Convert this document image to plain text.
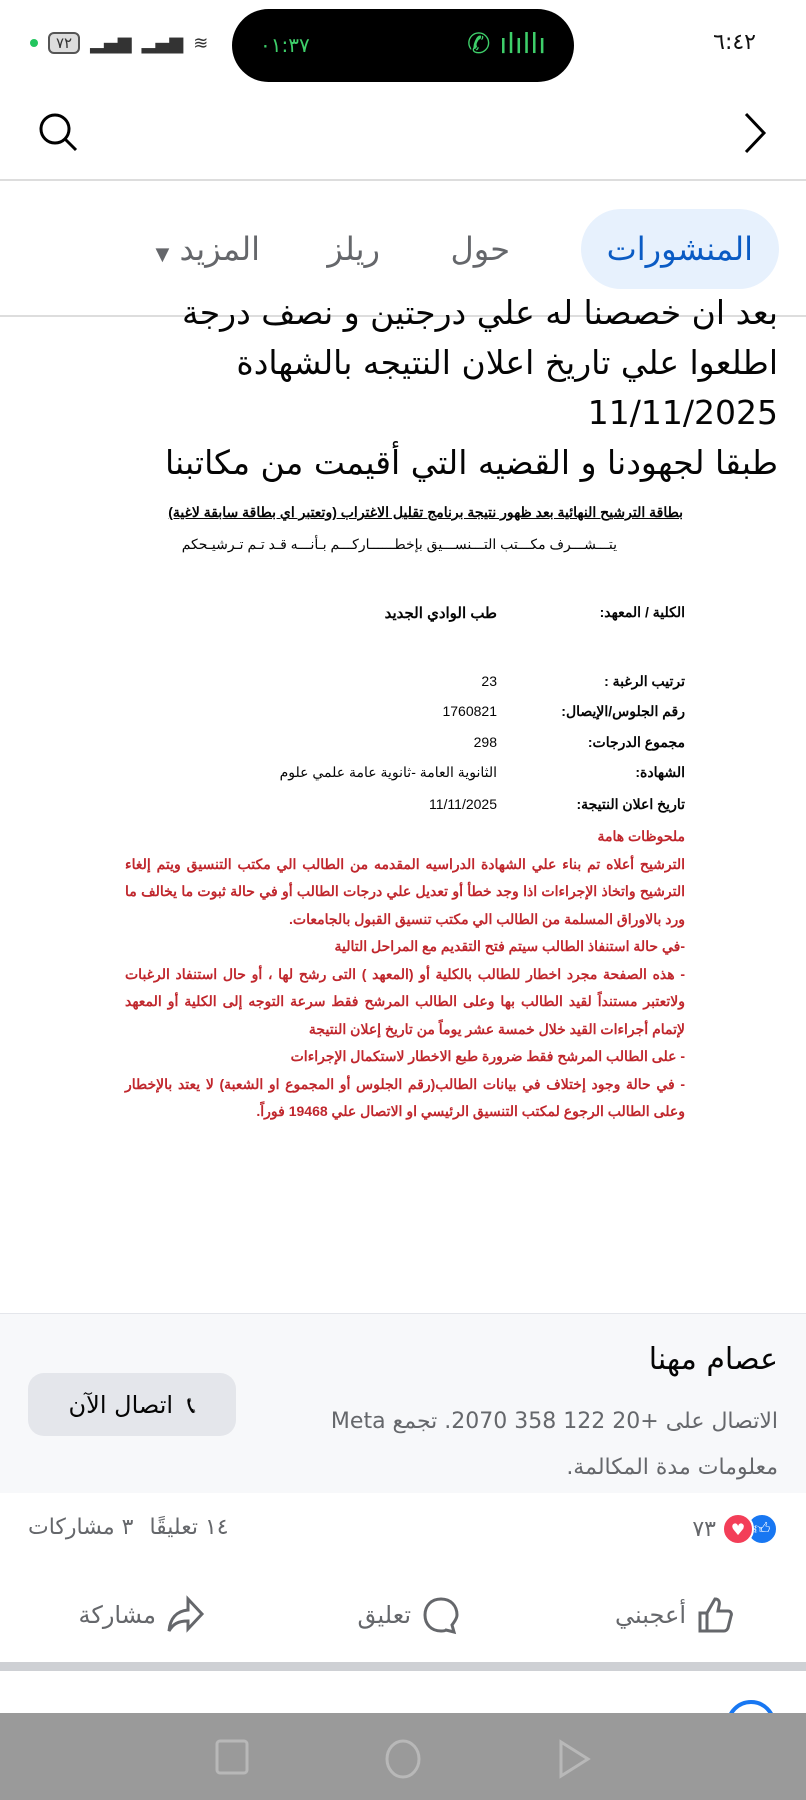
٧٢	▂▄▆ ▂▄▆ ≋	٠١:٣٧	✆ ılıllı	٦:٤٢
المنشورات
حول
ريلز
المزيد ▼
بعد ان خصصنا له علي درجتين و نصف درجة
اطلعوا علي تاريخ اعلان النتيجه بالشهادة
11/11/2025
طبقا لجهودنا و القضيه التي أقيمت من مكاتبنا
بطاقة الترشيح النهائية بعد ظهور نتيجة برنامج تقليل الاغتراب (وتعتبر اي بطاقة سابقة لاغية)
يتـــشـــرف مكـــتب التـــنســـيق بإخطــــــاركـــم بـأنـــه قـد تـم تـرشيـحكم
الكلية / المعهد:
طب الوادي الجديد
ترتيب الرغبة :
23
رقم الجلوس/الإيصال:
1760821
مجموع الدرجات:
298
الشهادة:
الثانوية العامة -ثانوية عامة علمي علوم
تاريخ اعلان النتيجة:
11/11/2025
ملحوظات هامة
الترشيح أعلاه تم بناء علي الشهادة الدراسيه المقدمه من الطالب الي مكتب التنسيق ويتم إلغاء الترشيح واتخاذ الإجراءات اذا وجد خطأ أو تعديل علي درجات الطالب أو في حالة ثبوت ما يخالف ما ورد بالاوراق المسلمة من الطالب الي مكتب تنسيق القبول بالجامعات.
-في حالة استنفاذ الطالب سيتم فتح التقديم مع المراحل التالية
- هذه الصفحة مجرد اخطار للطالب بالكلية أو (المعهد ) التى رشح لها ، أو حال استنفاد الرغبات ولاتعتبر مستنداً لقيد الطالب بها وعلى الطالب المرشح فقط سرعة التوجه إلى الكلية أو المعهد لإتمام أجراءات القيد خلال خمسة عشر يوماً من تاريخ إعلان النتيجة
- على الطالب المرشح فقط ضرورة طبع الاخطار لاستكمال الإجراءات
- في حالة وجود إختلاف في بيانات الطالب(رقم الجلوس أو المجموع او الشعبة) لا يعتد بالإخطار وعلى الطالب الرجوع لمكتب التنسيق الرئيسي او الاتصال علي 19468 فوراً.
عصام مهنا
الاتصال على +20 122 358 2070. تجمع Meta معلومات مدة المكالمة.
📞︎
اتصال الآن
👍︎
♥
٧٣
١٤ تعليقًا
٣ مشاركات
أعجبني
تعليق
مشاركة
